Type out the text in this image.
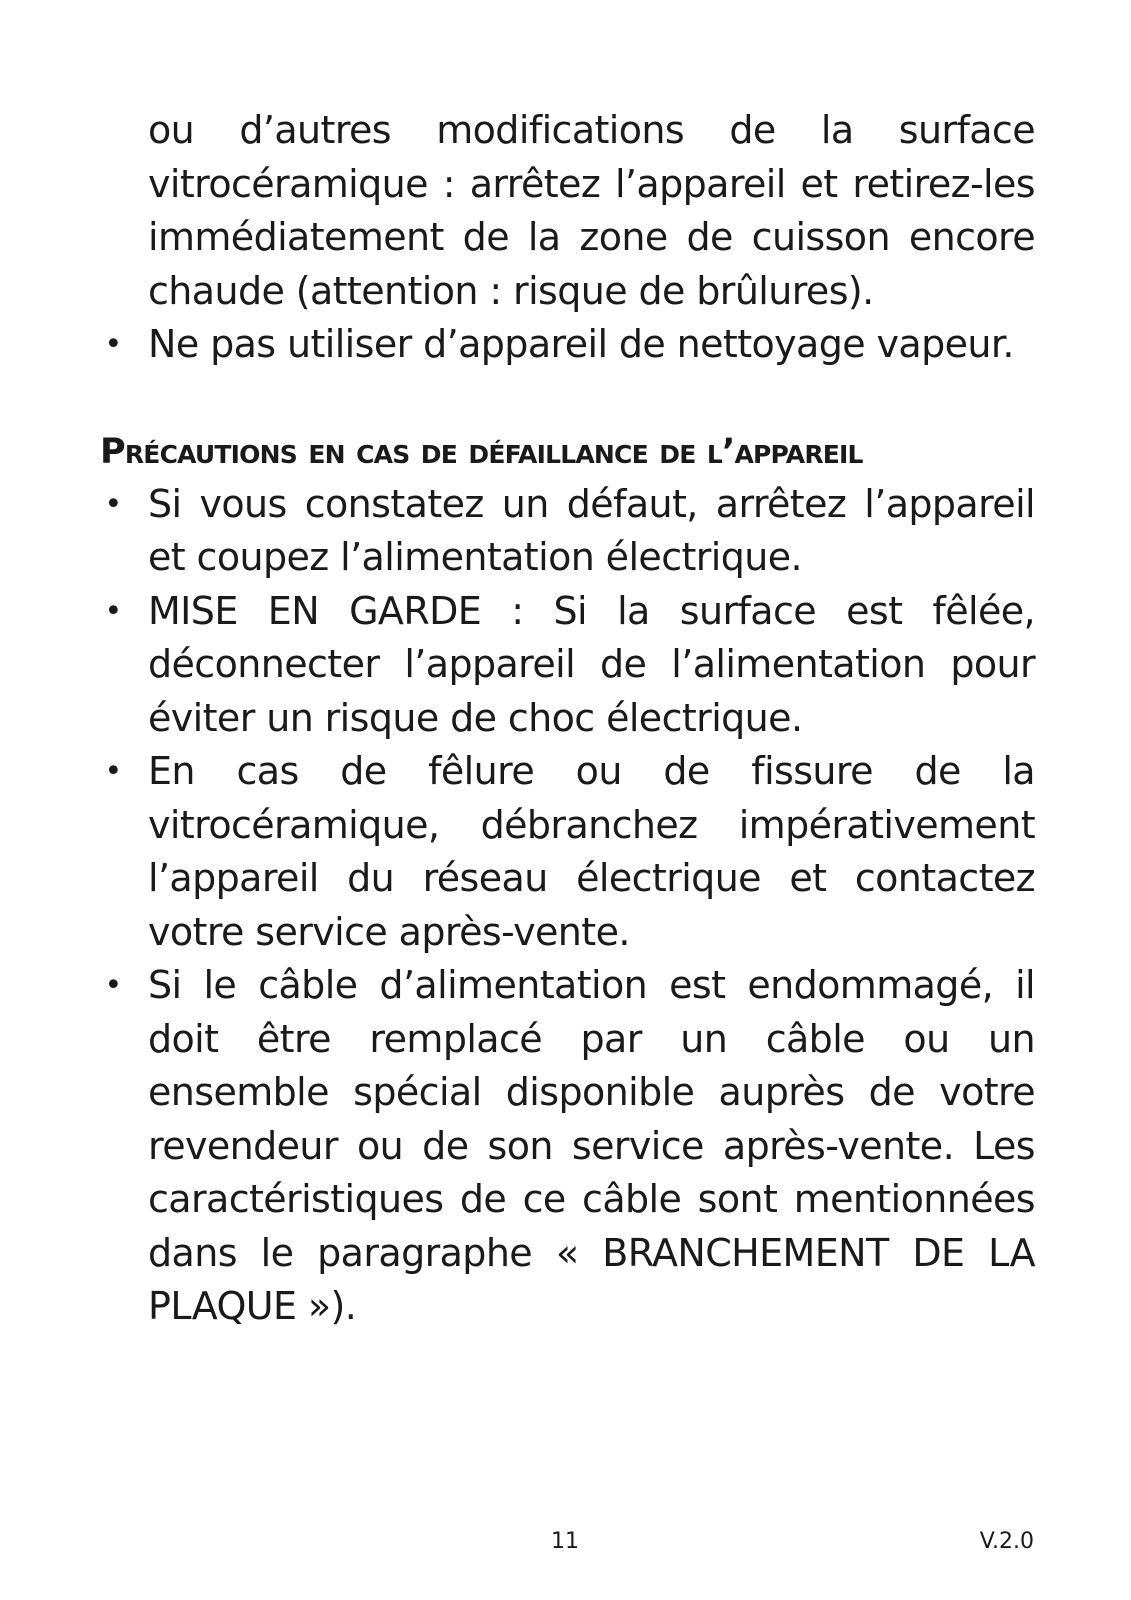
ou d’autres modifications de la surface vitrocéramique : arrêtez l’appareil et retirez-les immédiatement de la zone de cuisson encore chaude (attention : risque de brûlures).

• Ne pas utiliser d’appareil de nettoyage vapeur.
Précautions en cas de défaillance de l’appareil
• Si vous constatez un défaut, arrêtez l’appareil et coupez l’alimentation électrique.
• MISE EN GARDE : Si la surface est fêlée, déconnecter l’appareil de l’alimentation pour éviter un risque de choc électrique.
• En cas de fêlure ou de fissure de la vitrocéramique, débranchez impérativement l’appareil du réseau électrique et contactez votre service après-vente.
• Si le câble d’alimentation est endommagé, il doit être remplacé par un câble ou un ensemble spécial disponible auprès de votre revendeur ou de son service après-vente. Les caractéristiques de ce câble sont mentionnées dans le paragraphe « BRANCHEMENT DE LA PLAQUE »).
11	V.2.0
